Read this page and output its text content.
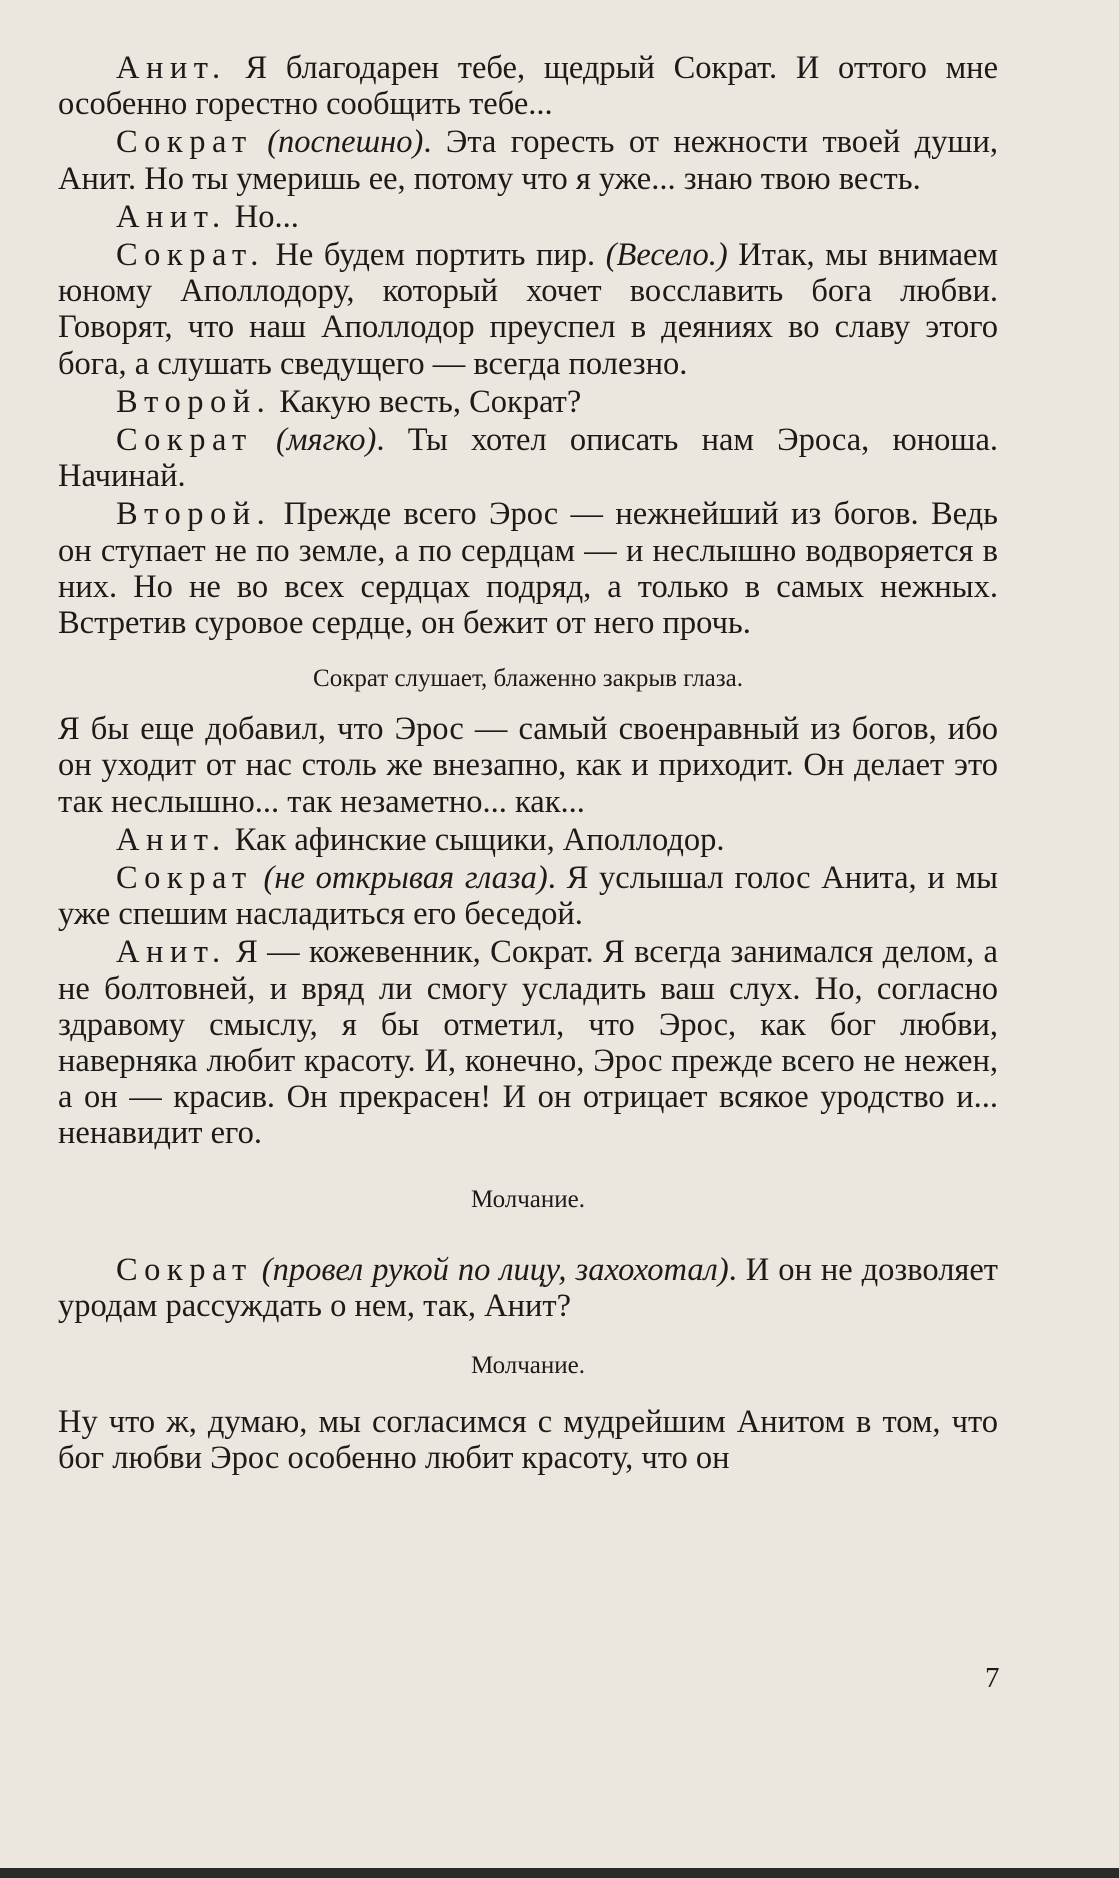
Анит. Я благодарен тебе, щедрый Сократ. И оттого мне особенно горестно сообщить тебе...

Сократ (поспешно). Эта горесть от нежности твоей души, Анит. Но ты умеришь ее, потому что я уже... знаю твою весть.

Анит. Но...

Сократ. Не будем портить пир. (Весело.) Итак, мы внимаем юному Аполлодору, который хочет восславить бога любви. Говорят, что наш Аполлодор преуспел в деяниях во славу этого бога, а слушать сведущего — всегда полезно.

Второй. Какую весть, Сократ?

Сократ (мягко). Ты хотел описать нам Эроса, юноша. Начинай.

Второй. Прежде всего Эрос — нежнейший из богов. Ведь он ступает не по земле, а по сердцам — и неслышно водворяется в них. Но не во всех сердцах подряд, а только в самых нежных. Встретив суровое сердце, он бежит от него прочь.

Сократ слушает, блаженно закрыв глаза.

Я бы еще добавил, что Эрос — самый своенравный из богов, ибо он уходит от нас столь же внезапно, как и приходит. Он делает это так неслышно... так незаметно... как...

Анит. Как афинские сыщики, Аполлодор.

Сократ (не открывая глаза). Я услышал голос Анита, и мы уже спешим насладиться его беседой.

Анит. Я — кожевенник, Сократ. Я всегда занимался делом, а не болтовней, и вряд ли смогу усладить ваш слух. Но, согласно здравому смыслу, я бы отметил, что Эрос, как бог любви, наверняка любит красоту. И, конечно, Эрос прежде всего не нежен, а он — красив. Он прекрасен! И он отрицает всякое уродство и... ненавидит его.

Молчание.

Сократ (провел рукой по лицу, захохотал). И он не дозволяет уродам рассуждать о нем, так, Анит?

Молчание.

Ну что ж, думаю, мы согласимся с мудрейшим Анитом в том, что бог любви Эрос особенно любит красоту, что он

7
